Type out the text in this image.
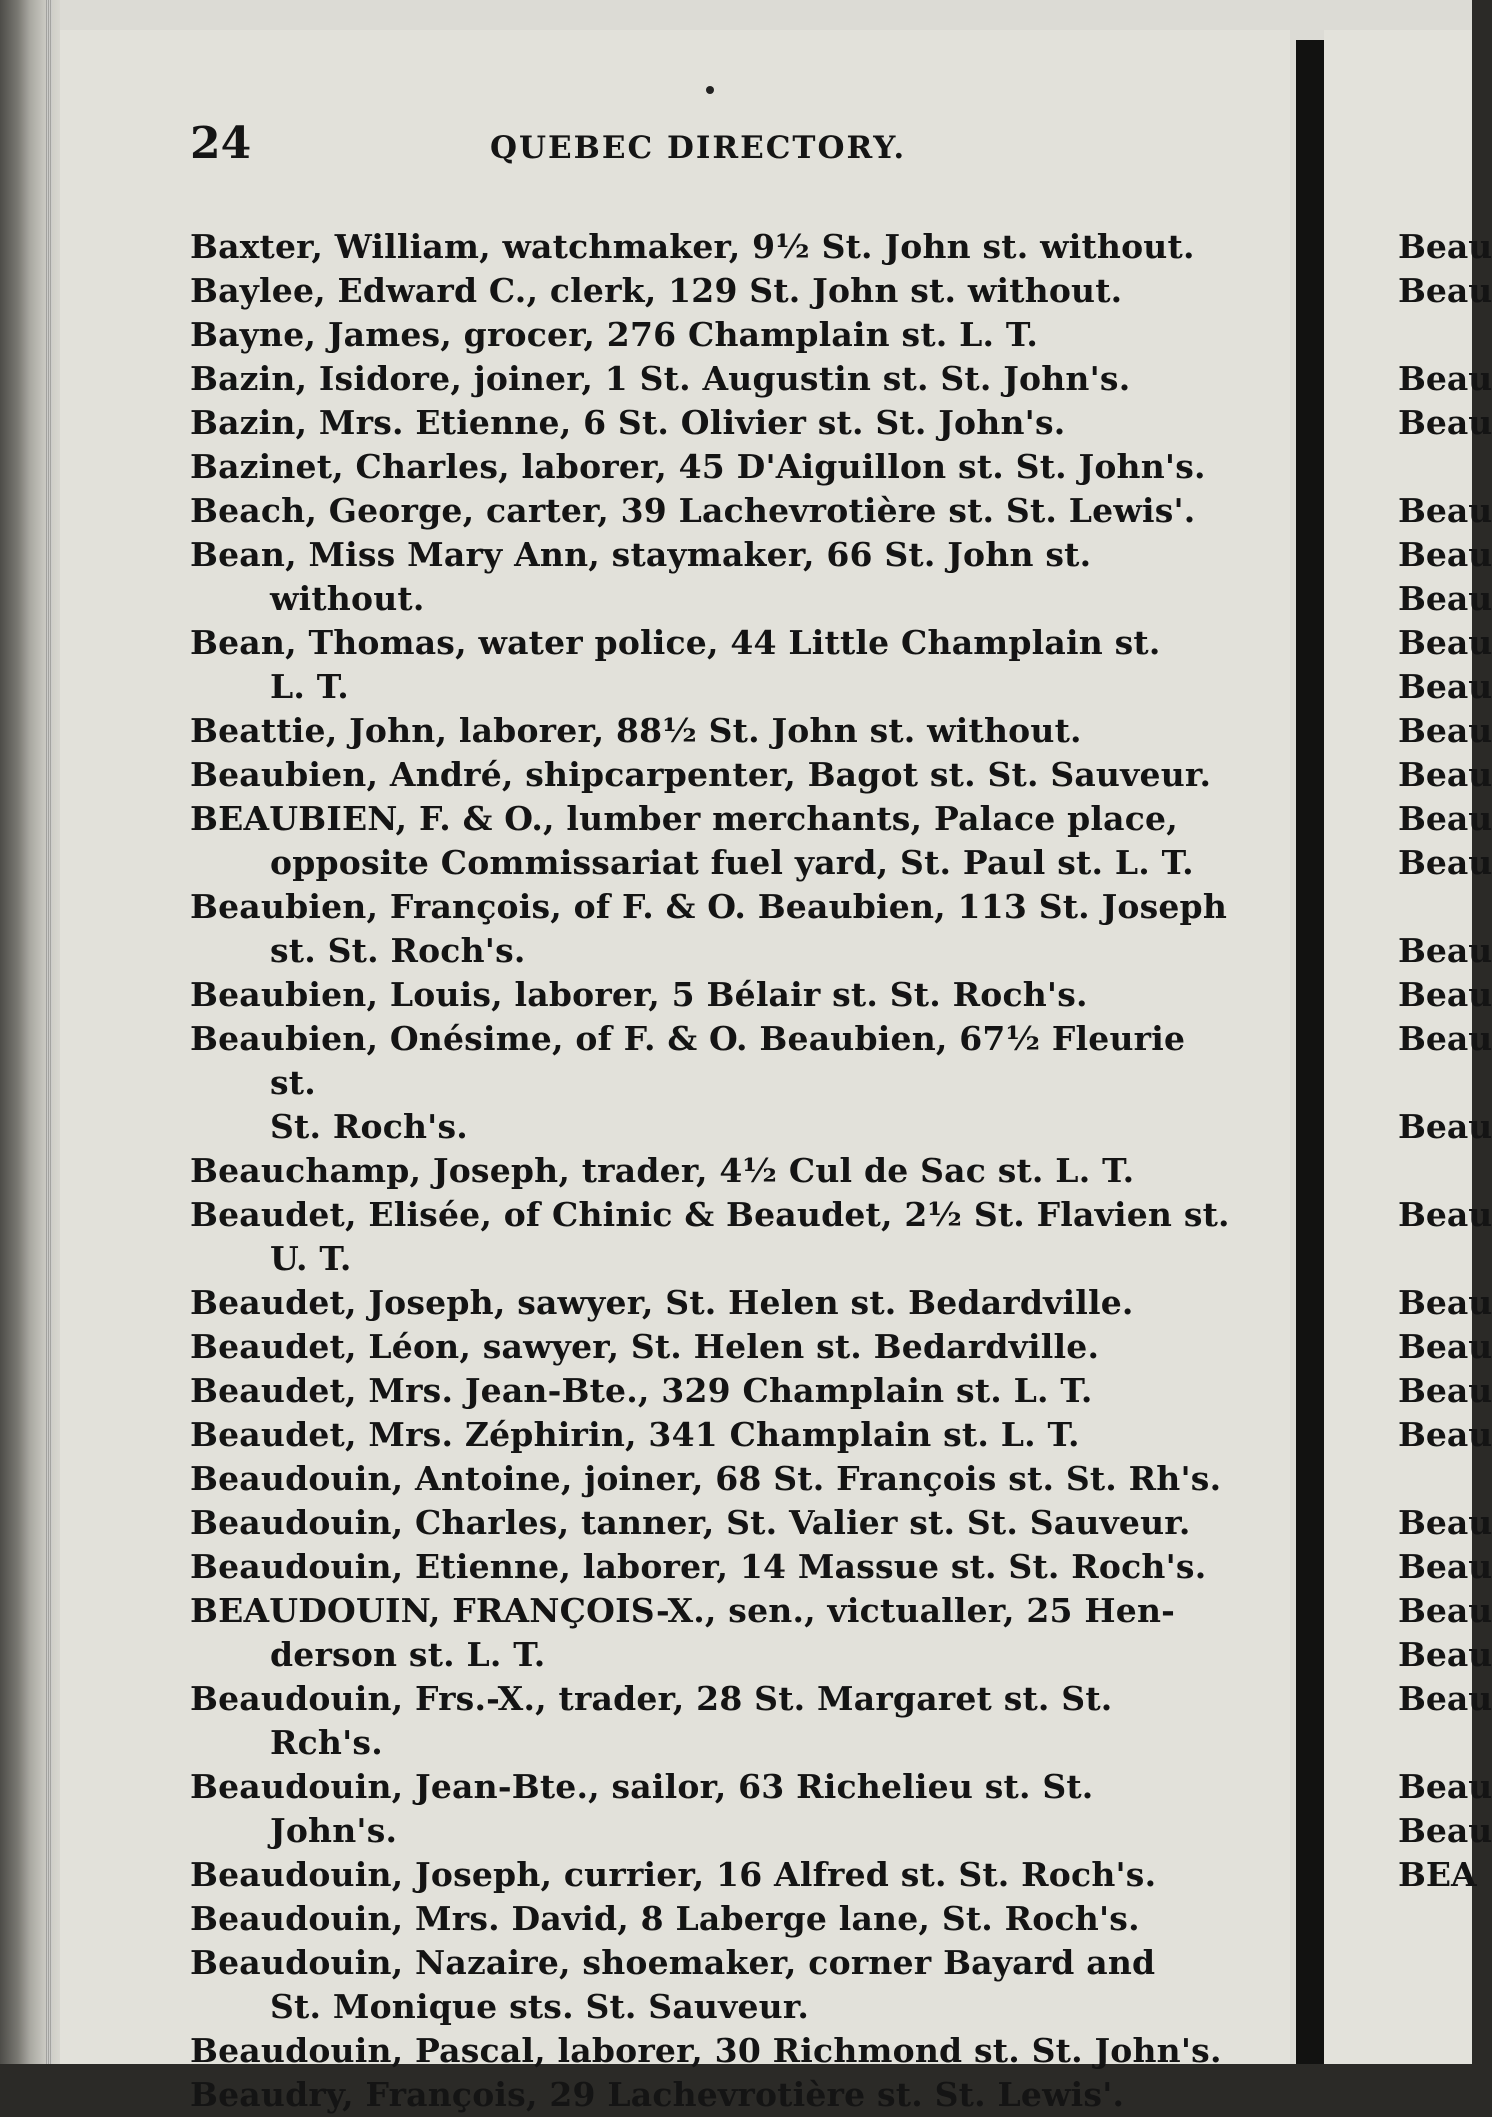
24	QUEBEC DIRECTORY.
Baxter, William, watchmaker, 9½ St. John st. without.
Baylee, Edward C., clerk, 129 St. John st. without.
Bayne, James, grocer, 276 Champlain st. L. T.
Bazin, Isidore, joiner, 1 St. Augustin st. St. John's.
Bazin, Mrs. Etienne, 6 St. Olivier st. St. John's.
Bazinet, Charles, laborer, 45 D'Aiguillon st. St. John's.
Beach, George, carter, 39 Lachevrotière st. St. Lewis'.
Bean, Miss Mary Ann, staymaker, 66 St. John st. without.
Bean, Thomas, water police, 44 Little Champlain st.
L. T.
Beattie, John, laborer, 88½ St. John st. without.
Beaubien, André, shipcarpenter, Bagot st. St. Sauveur.
BEAUBIEN, F. & O., lumber merchants, Palace place,
opposite Commissariat fuel yard, St. Paul st. L. T.
Beaubien, François, of F. & O. Beaubien, 113 St. Joseph
st. St. Roch's.
Beaubien, Louis, laborer, 5 Bélair st. St. Roch's.
Beaubien, Onésime, of F. & O. Beaubien, 67½ Fleurie st.
St. Roch's.
Beauchamp, Joseph, trader, 4½ Cul de Sac st. L. T.
Beaudet, Elisée, of Chinic & Beaudet, 2½ St. Flavien st.
U. T.
Beaudet, Joseph, sawyer, St. Helen st. Bedardville.
Beaudet, Léon, sawyer, St. Helen st. Bedardville.
Beaudet, Mrs. Jean-Bte., 329 Champlain st. L. T.
Beaudet, Mrs. Zéphirin, 341 Champlain st. L. T.
Beaudouin, Antoine, joiner, 68 St. François st. St. Rh's.
Beaudouin, Charles, tanner, St. Valier st. St. Sauveur.
Beaudouin, Etienne, laborer, 14 Massue st. St. Roch's.
BEAUDOUIN, FRANÇOIS-X., sen., victualler, 25 Hen-
derson st. L. T.
Beaudouin, Frs.-X., trader, 28 St. Margaret st. St. Rch's.
Beaudouin, Jean-Bte., sailor, 63 Richelieu st. St. John's.
Beaudouin, Joseph, currier, 16 Alfred st. St. Roch's.
Beaudouin, Mrs. David, 8 Laberge lane, St. Roch's.
Beaudouin, Nazaire, shoemaker, corner Bayard and
St. Monique sts. St. Sauveur.
Beaudouin, Pascal, laborer, 30 Richmond st. St. John's.
Beaudry, François, 29 Lachevrotière st. St. Lewis'.
Beau
Beau
Beau
Beau
Beau
Beau
Beau
Beau
Beau
Beau
Beau
Beau
Beau
Beau
Beau
Beau
Beau
Beau
Beau
Beau
Beau
Beau
Beau
Beau
Beau
Beau
Beau
Beau
Beau
BEA
